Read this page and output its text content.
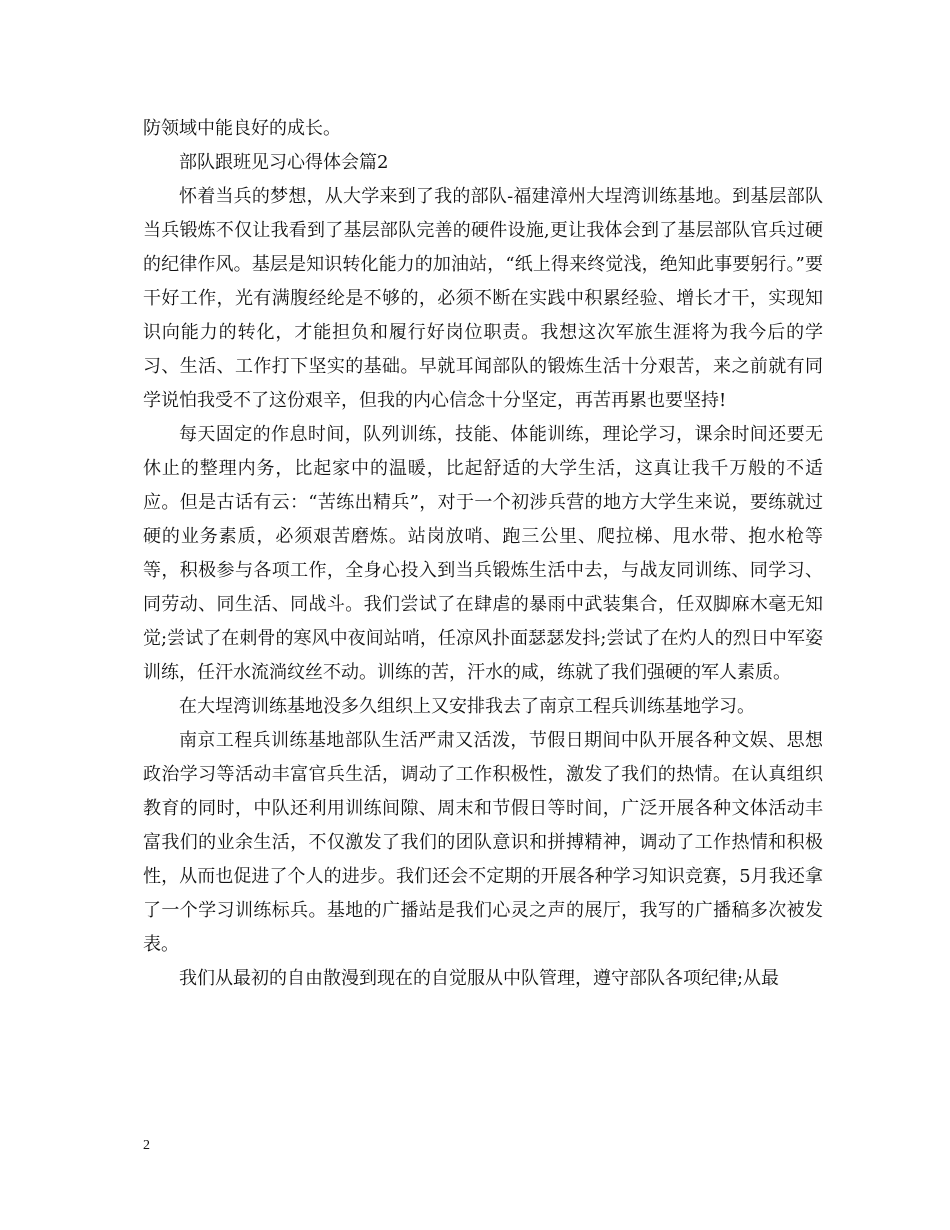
防领域中能良好的成长。

部队跟班见习心得体会篇2

怀着当兵的梦想，从大学来到了我的部队-福建漳州大埕湾训练基地。到基层部队当兵锻炼不仅让我看到了基层部队完善的硬件设施,更让我体会到了基层部队官兵过硬的纪律作风。基层是知识转化能力的加油站，“纸上得来终觉浅，绝知此事要躬行。”要干好工作，光有满腹经纶是不够的，必须不断在实践中积累经验、增长才干，实现知识向能力的转化，才能担负和履行好岗位职责。我想这次军旅生涯将为我今后的学习、生活、工作打下坚实的基础。早就耳闻部队的锻炼生活十分艰苦，来之前就有同学说怕我受不了这份艰辛，但我的内心信念十分坚定，再苦再累也要坚持!

每天固定的作息时间，队列训练，技能、体能训练，理论学习，课余时间还要无休止的整理内务，比起家中的温暖，比起舒适的大学生活，这真让我千万般的不适应。但是古话有云：“苦练出精兵”，对于一个初涉兵营的地方大学生来说，要练就过硬的业务素质，必须艰苦磨炼。站岗放哨、跑三公里、爬拉梯、甩水带、抱水枪等等，积极参与各项工作，全身心投入到当兵锻炼生活中去，与战友同训练、同学习、同劳动、同生活、同战斗。我们尝试了在肆虐的暴雨中武装集合，任双脚麻木毫无知觉;尝试了在刺骨的寒风中夜间站哨，任凉风扑面瑟瑟发抖;尝试了在灼人的烈日中军姿训练，任汗水流淌纹丝不动。训练的苦，汗水的咸，练就了我们强硬的军人素质。

在大埕湾训练基地没多久组织上又安排我去了南京工程兵训练基地学习。

南京工程兵训练基地部队生活严肃又活泼，节假日期间中队开展各种文娱、思想政治学习等活动丰富官兵生活，调动了工作积极性，激发了我们的热情。在认真组织教育的同时，中队还利用训练间隙、周末和节假日等时间，广泛开展各种文体活动丰富我们的业余生活，不仅激发了我们的团队意识和拼搏精神，调动了工作热情和积极性，从而也促进了个人的进步。我们还会不定期的开展各种学习知识竞赛，5月我还拿了一个学习训练标兵。基地的广播站是我们心灵之声的展厅，我写的广播稿多次被发表。

我们从最初的自由散漫到现在的自觉服从中队管理，遵守部队各项纪律;从最

2
